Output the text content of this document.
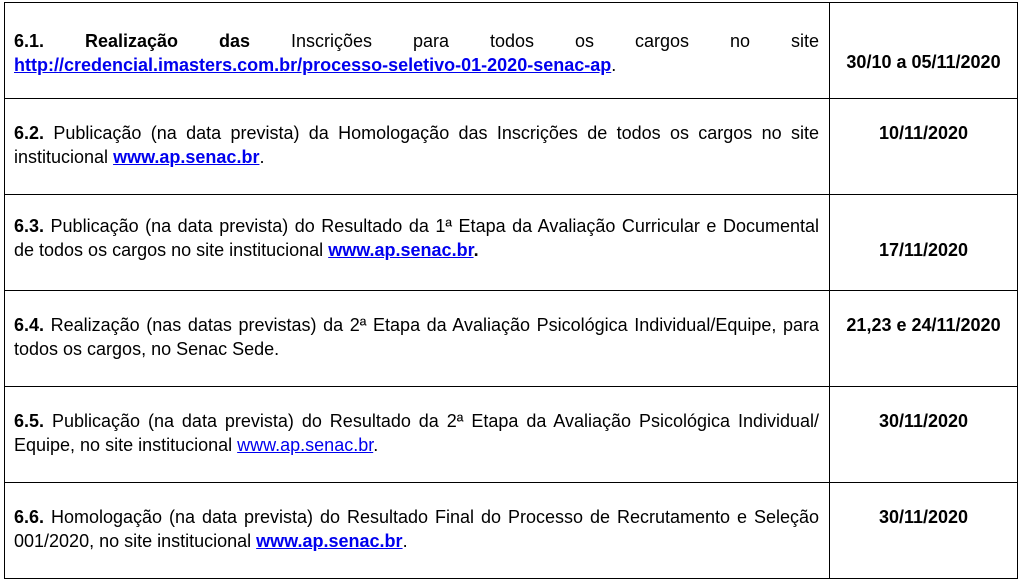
6.1. Realização das Inscrições para todos os cargos no site http://credencial.imasters.com.br/processo-seletivo-01-2020-senac-ap.	30/10 a 05/11/2020

6.2. Publicação (na data prevista) da Homologação das Inscrições de todos os cargos no site institucional www.ap.senac.br.	10/11/2020

6.3. Publicação (na data prevista) do Resultado da 1ª Etapa da Avaliação Curricular e Documental de todos os cargos no site institucional www.ap.senac.br.	17/11/2020

6.4. Realização (nas datas previstas) da 2ª Etapa da Avaliação Psicológica Individual/Equipe, para todos os cargos, no Senac Sede.	21,23 e 24/11/2020

6.5. Publicação (na data prevista) do Resultado da 2ª Etapa da Avaliação Psicológica Individual/ Equipe, no site institucional www.ap.senac.br.	30/11/2020

6.6. Homologação (na data prevista) do Resultado Final do Processo de Recrutamento e Seleção 001/2020, no site institucional www.ap.senac.br.	30/11/2020
